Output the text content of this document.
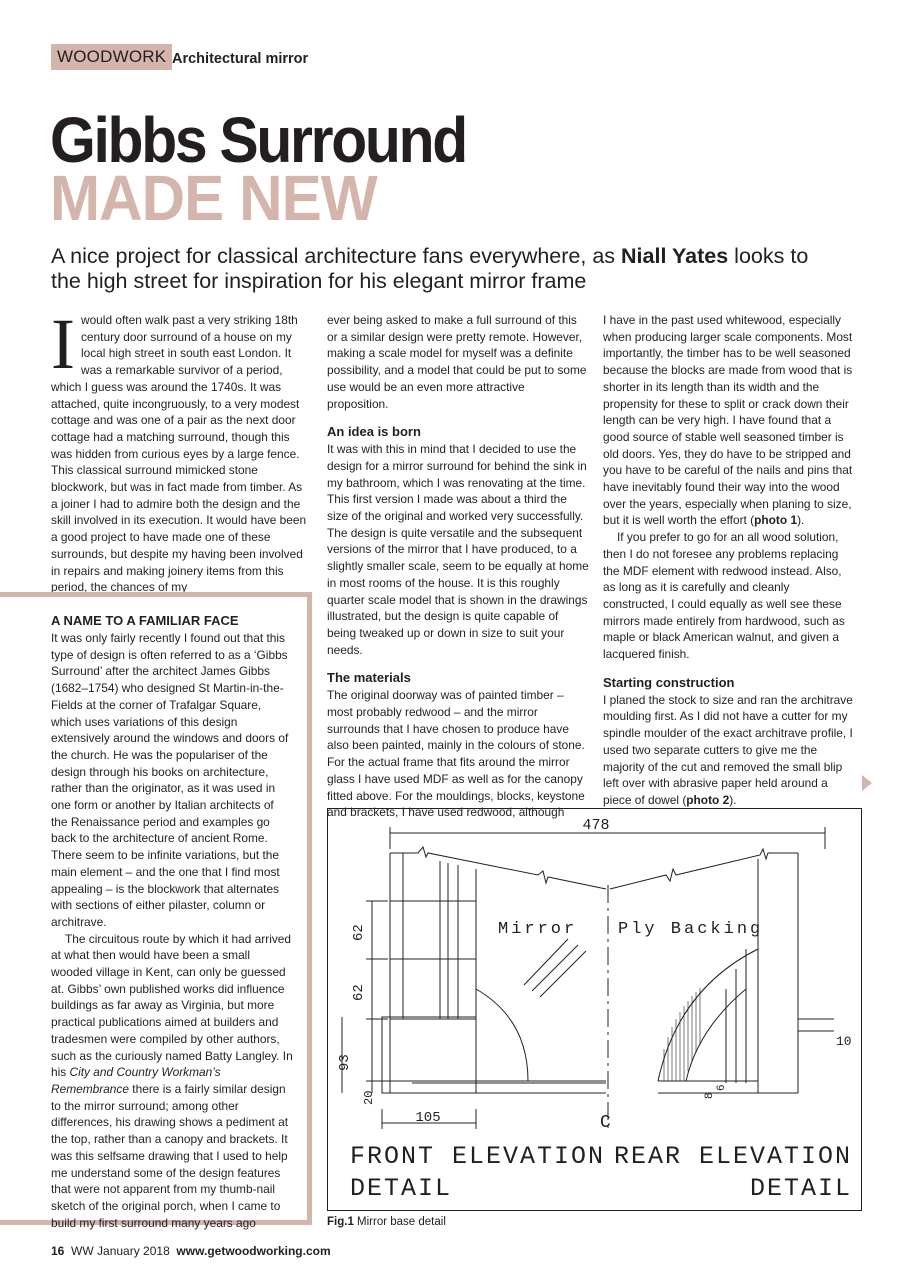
WOODWORK Architectural mirror
Gibbs Surround
MADE NEW
A nice project for classical architecture fans everywhere, as Niall Yates looks to the high street for inspiration for his elegant mirror frame

Iwould often walk past a very striking 18th century door surround of a house on my local high street in south east London. It was a remarkable survivor of a period, which I guess was around the 1740s. It was attached, quite incongruously, to a very modest cottage and was one of a pair as the next door cottage had a matching surround, though this was hidden from curious eyes by a large fence. This classical surround mimicked stone blockwork, but was in fact made from timber. As a joiner I had to admire both the design and the skill involved in its execution. It would have been a good project to have made one of these surrounds, but despite my having been involved in repairs and making joinery items from this period, the chances of my

A NAME TO A FAMILIAR FACE

It was only fairly recently I found out that this type of design is often referred to as a ‘Gibbs Surround’ after the architect James Gibbs (1682–1754) who designed St Martin-in-the-Fields at the corner of Trafalgar Square, which uses variations of this design extensively around the windows and doors of the church. He was the populariser of the design through his books on architecture, rather than the originator, as it was used in one form or another by Italian architects of the Renaissance period and examples go back to the architecture of ancient Rome. There seem to be infinite variations, but the main element – and the one that I find most appealing – is the blockwork that alternates with sections of either pilaster, column or architrave.

The circuitous route by which it had arrived at what then would have been a small wooded village in Kent, can only be guessed at. Gibbs’ own published works did influence buildings as far away as Virginia, but more practical publications aimed at builders and tradesmen were compiled by other authors, such as the curiously named Batty Langley. In his City and Country Workman’s Remembrance there is a fairly similar design to the mirror surround; among other differences, his drawing shows a pediment at the top, rather than a canopy and brackets. It was this selfsame drawing that I used to help me understand some of the design features that were not apparent from my thumb-nail sketch of the original porch, when I came to build my first surround many years ago

ever being asked to make a full surround of this or a similar design were pretty remote. However, making a scale model for myself was a definite possibility, and a model that could be put to some use would be an even more attractive proposition.

An idea is born

It was with this in mind that I decided to use the design for a mirror surround for behind the sink in my bathroom, which I was renovating at the time. This first version I made was about a third the size of the original and worked very successfully. The design is quite versatile and the subsequent versions of the mirror that I have produced, to a slightly smaller scale, seem to be equally at home in most rooms of the house. It is this roughly quarter scale model that is shown in the drawings illustrated, but the design is quite capable of being tweaked up or down in size to suit your needs.

The materials

The original doorway was of painted timber – most probably redwood – and the mirror surrounds that I have chosen to produce have also been painted, mainly in the colours of stone. For the actual frame that fits around the mirror glass I have used MDF as well as for the canopy fitted above. For the mouldings, blocks, keystone and brackets, I have used redwood, although

I have in the past used whitewood, especially when producing larger scale components. Most importantly, the timber has to be well seasoned because the blocks are made from wood that is shorter in its length than its width and the propensity for these to split or crack down their length can be very high. I have found that a good source of stable well seasoned timber is old doors. Yes, they do have to be stripped and you have to be careful of the nails and pins that have inevitably found their way into the wood over the years, especially when planing to size, but it is well worth the effort (photo 1).

If you prefer to go for an all wood solution, then I do not foresee any problems replacing the MDF element with redwood instead. Also, as long as it is carefully and cleanly constructed, I could equally as well see these mirrors made entirely from hardwood, such as maple or black American walnut, and given a lacquered finish.

Starting construction

I planed the stock to size and ran the architrave moulding first. As I did not have a cutter for my spindle moulder of the exact architrave profile, I used two separate cutters to give me the majority of the cut and removed the small blip left over with abrasive paper held around a piece of dowel (photo 2).

478
Mirror
C
Ply Backing
10
8
6
62
62
93
20
105
FRONT ELEVATION
DETAIL
REAR ELEVATION
DETAIL
Fig.1 Mirror base detail
16 WW January 2018 www.getwoodworking.com
